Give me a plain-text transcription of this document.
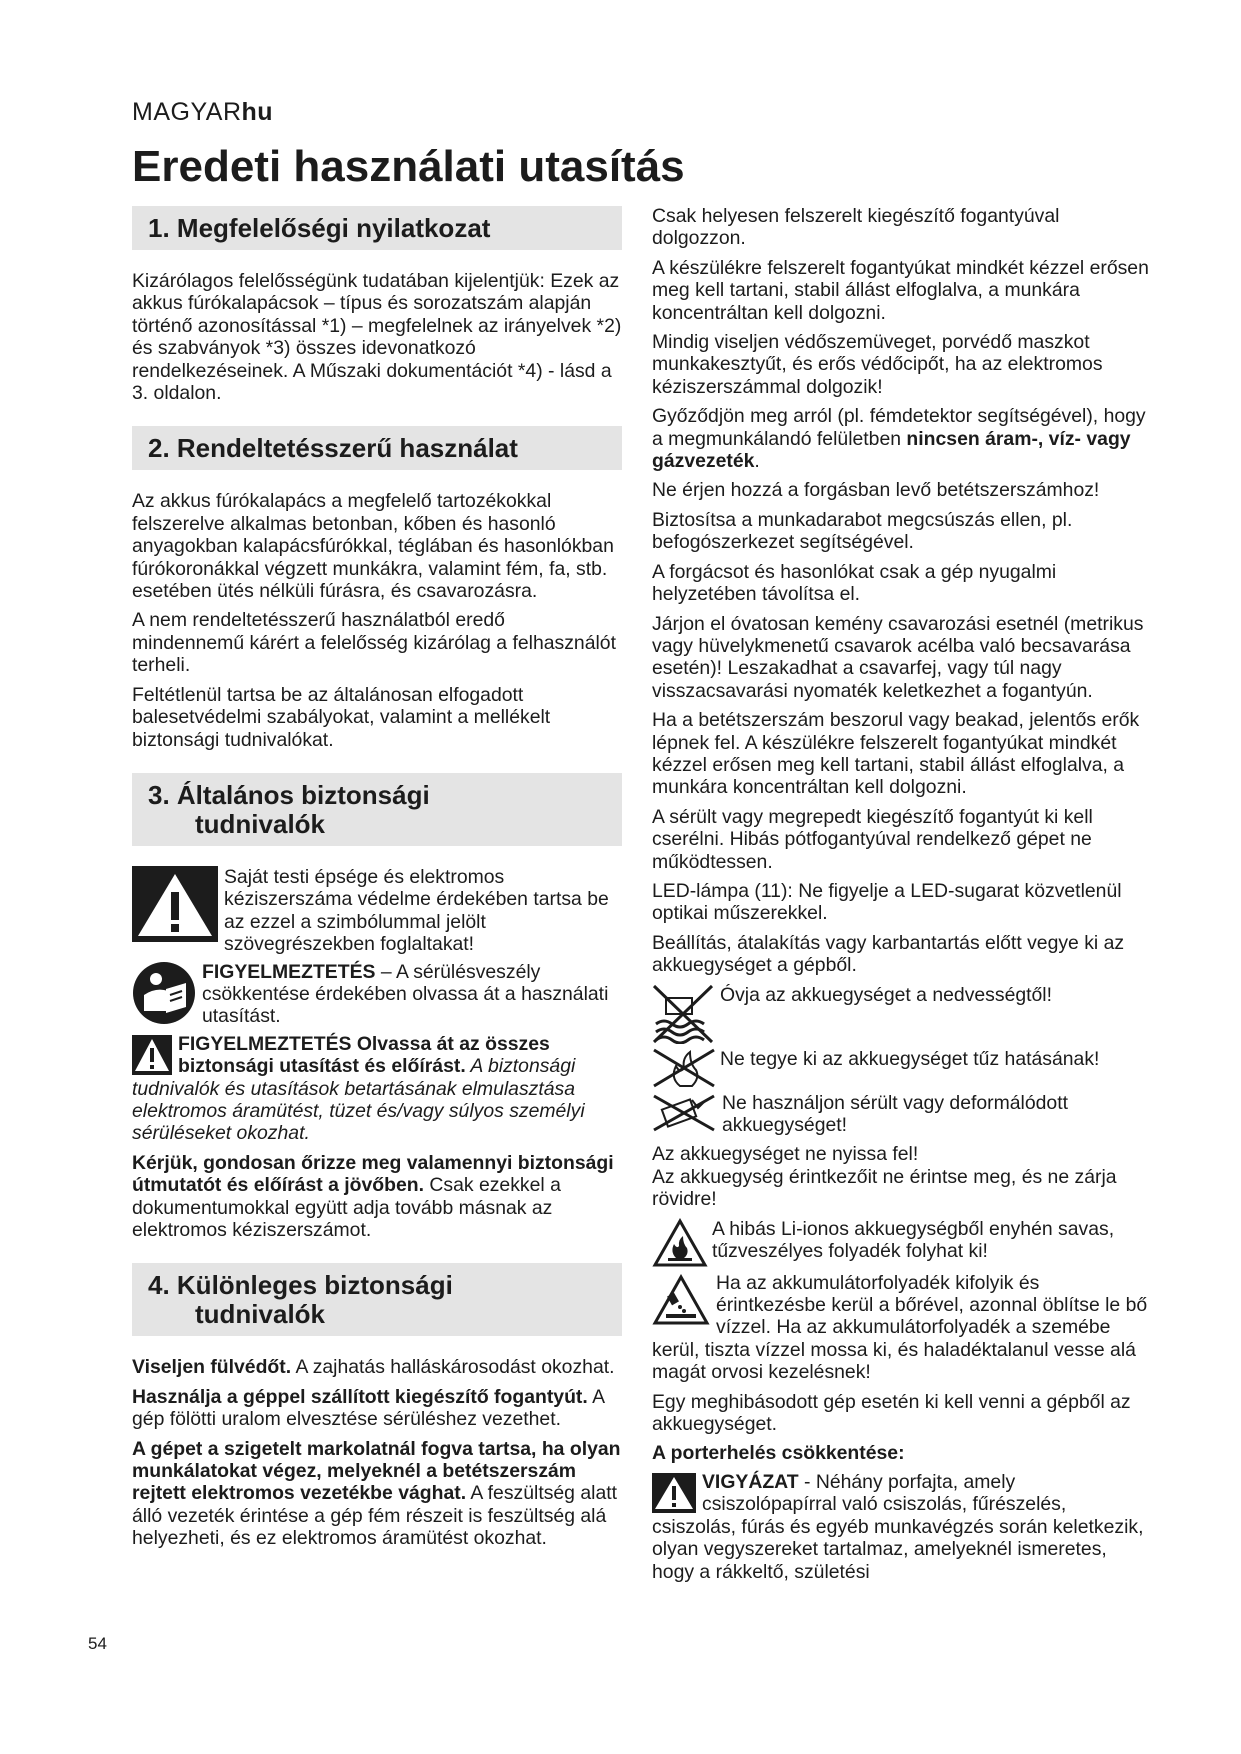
MAGYARhu
Eredeti használati utasítás
1. Megfelelőségi nyilatkozat

Kizárólagos felelősségünk tudatában kijelentjük: Ezek az akkus fúrókalapácsok – típus és sorozatszám alapján történő azonosítással *1) – megfelelnek az irányelvek *2) és szabványok *3) összes idevonatkozó rendelkezéseinek. A Műszaki dokumentációt *4) - lásd a 3. oldalon.

2. Rendeltetésszerű használat

Az akkus fúrókalapács a megfelelő tartozékokkal felszerelve alkalmas betonban, kőben és hasonló anyagokban kalapácsfúrókkal, téglában és hasonlókban fúrókoronákkal végzett munkákra, valamint fém, fa, stb. esetében ütés nélküli fúrásra, és csavarozásra.

A nem rendeltetésszerű használatból eredő mindennemű kárért a felelősség kizárólag a felhasználót terheli.

Feltétlenül tartsa be az általánosan elfogadott balesetvédelmi szabályokat, valamint a mellékelt biztonsági tudnivalókat.

3. Általános biztonsági
tudnivalók
Saját testi épsége és elektromos kéziszerszáma védelme érdekében tartsa be az ezzel a szimbólummal jelölt szövegrészekben foglaltakat!
FIGYELMEZTETÉS – A sérülésveszély csökkentése érdekében olvassa át a használati utasítást.

FIGYELMEZTETÉS Olvassa át az összes biztonsági utasítást és előírást. A biztonsági tudnivalók és utasítások betartásának elmulasztása elektromos áramütést, tüzet és/vagy súlyos személyi sérüléseket okozhat.

Kérjük, gondosan őrizze meg valamennyi biztonsági útmutatót és előírást a jövőben. Csak ezekkel a dokumentumokkal együtt adja tovább másnak az elektromos kéziszerszámot.

4. Különleges biztonsági
tudnivalók

Viseljen fülvédőt. A zajhatás halláskárosodást okozhat.

Használja a géppel szállított kiegészítő fogantyút. A gép fölötti uralom elvesztése sérüléshez vezethet.

A gépet a szigetelt markolatnál fogva tartsa, ha olyan munkálatokat végez, melyeknél a betétszerszám rejtett elektromos vezetékbe vághat. A feszültség alatt álló vezeték érintése a gép fém részeit is feszültség alá helyezheti, és ez elektromos áramütést okozhat.

Csak helyesen felszerelt kiegészítő fogantyúval dolgozzon.

A készülékre felszerelt fogantyúkat mindkét kézzel erősen meg kell tartani, stabil állást elfoglalva, a munkára koncentráltan kell dolgozni.

Mindig viseljen védőszemüveget, porvédő maszkot munkakesztyűt, és erős védőcipőt, ha az elektromos kéziszerszámmal dolgozik!

Győződjön meg arról (pl. fémdetektor segítségével), hogy a megmunkálandó felületben nincsen áram-, víz- vagy gázvezeték.

Ne érjen hozzá a forgásban levő betétszerszámhoz!

Biztosítsa a munkadarabot megcsúszás ellen, pl. befogószerkezet segítségével.

A forgácsot és hasonlókat csak a gép nyugalmi helyzetében távolítsa el.

Járjon el óvatosan kemény csavarozási esetnél (metrikus vagy hüvelykmenetű csavarok acélba való becsavarása esetén)! Leszakadhat a csavarfej, vagy túl nagy visszacsavarási nyomaték keletkezhet a fogantyún.

Ha a betétszerszám beszorul vagy beakad, jelentős erők lépnek fel. A készülékre felszerelt fogantyúkat mindkét kézzel erősen meg kell tartani, stabil állást elfoglalva, a munkára koncentráltan kell dolgozni.

A sérült vagy megrepedt kiegészítő fogantyút ki kell cserélni. Hibás pótfogantyúval rendelkező gépet ne működtessen.

LED-lámpa (11): Ne figyelje a LED-sugarat közvetlenül optikai műszerekkel.

Beállítás, átalakítás vagy karbantartás előtt vegye ki az akkuegységet a gépből.

Óvja az akkuegységet a nedvességtől!
Ne tegye ki az akkuegységet tűz hatásának!

Ne használjon sérült vagy deformálódott akkuegységet!

Az akkuegységet ne nyissa fel!

Az akkuegység érintkezőit ne érintse meg, és ne zárja rövidre!

A hibás Li-ionos akkuegységből enyhén savas, tűzveszélyes folyadék folyhat ki!

Ha az akkumulátorfolyadék kifolyik és érintkezésbe kerül a bőrével, azonnal öblítse le bő vízzel. Ha az akkumulátorfolyadék a szemébe kerül, tiszta vízzel mossa ki, és haladéktalanul vesse alá magát orvosi kezelésnek!

Egy meghibásodott gép esetén ki kell venni a gépből az akkuegységet.

A porterhelés csökkentése:

VIGYÁZAT - Néhány porfajta, amely csiszolópapírral való csiszolás, fűrészelés, csiszolás, fúrás és egyéb munkavégzés során keletkezik, olyan vegyszereket tartalmaz, amelyeknél ismeretes, hogy a rákkeltő, születési

54
